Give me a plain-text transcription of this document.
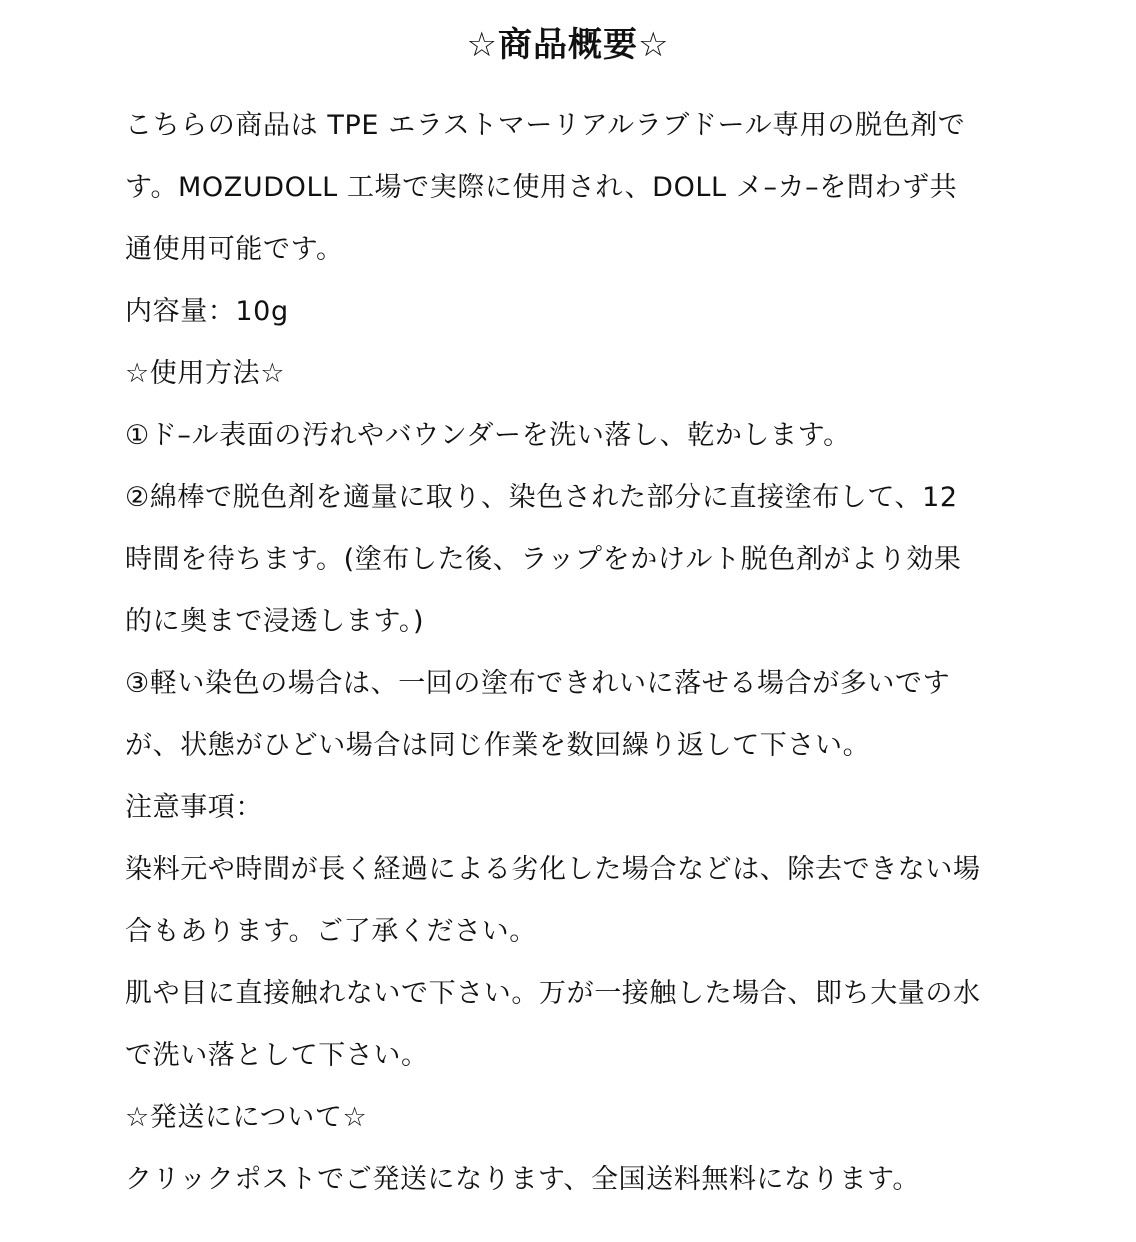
☆商品概要☆

こちらの商品は TPE エラストマーリアルラブドール専用の脱色剤です。MOZUDOLL 工場で実際に使用され、DOLL メ–カ–を問わず共通使用可能です。

内容量：10g

☆使用方法☆

①ド–ル表面の汚れやバウンダーを洗い落し、乾かします。

②綿棒で脱色剤を適量に取り、染色された部分に直接塗布して、12時間を待ちます。(塗布した後、ラップをかけルト脱色剤がより効果的に奥まで浸透します。)

③軽い染色の場合は、一回の塗布できれいに落せる場合が多いですが、状態がひどい場合は同じ作業を数回繰り返して下さい。

注意事項：

染料元や時間が長く経過による劣化した場合などは、除去できない場合もあります。ご了承ください。

肌や目に直接触れないで下さい。万が一接触した場合、即ち大量の水で洗い落として下さい。

☆発送にについて☆

クリックポストでご発送になります、全国送料無料になります。
